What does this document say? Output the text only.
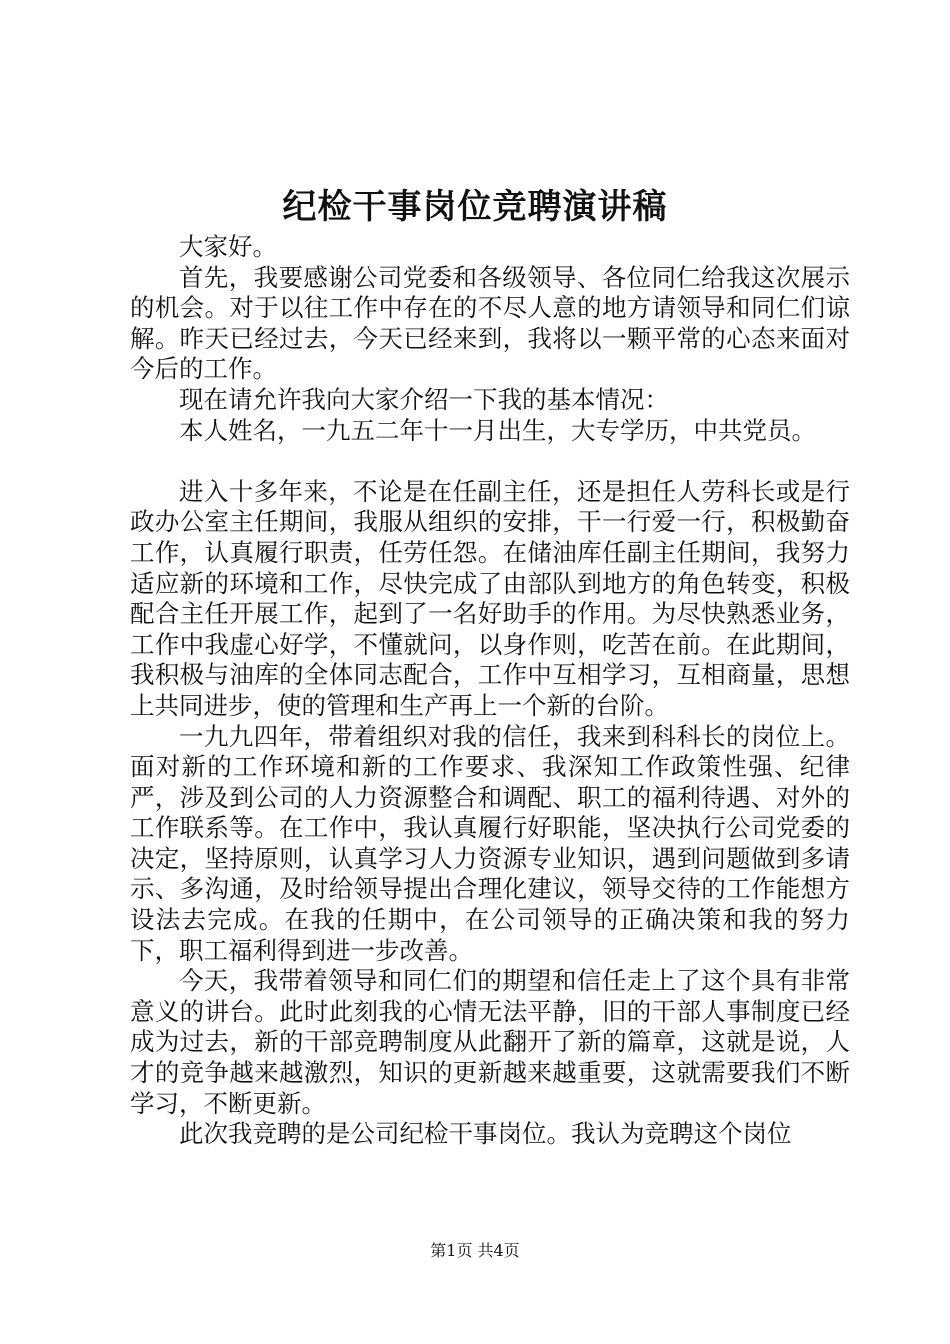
纪检干事岗位竞聘演讲稿

大家好。

首先，我要感谢公司党委和各级领导、各位同仁给我这次展示的机会。对于以往工作中存在的不尽人意的地方请领导和同仁们谅解。昨天已经过去，今天已经来到，我将以一颗平常的心态来面对今后的工作。

现在请允许我向大家介绍一下我的基本情况：

本人姓名，一九五二年十一月出生，大专学历，中共党员。

进入十多年来，不论是在任副主任，还是担任人劳科长或是行政办公室主任期间，我服从组织的安排，干一行爱一行，积极勤奋工作，认真履行职责，任劳任怨。在储油库任副主任期间，我努力适应新的环境和工作，尽快完成了由部队到地方的角色转变，积极配合主任开展工作，起到了一名好助手的作用。为尽快熟悉业务，工作中我虚心好学，不懂就问，以身作则，吃苦在前。在此期间，我积极与油库的全体同志配合，工作中互相学习，互相商量，思想上共同进步，使的管理和生产再上一个新的台阶。

一九九四年，带着组织对我的信任，我来到科科长的岗位上。面对新的工作环境和新的工作要求、我深知工作政策性强、纪律严，涉及到公司的人力资源整合和调配、职工的福利待遇、对外的工作联系等。在工作中，我认真履行好职能，坚决执行公司党委的决定，坚持原则，认真学习人力资源专业知识，遇到问题做到多请示、多沟通，及时给领导提出合理化建议，领导交待的工作能想方设法去完成。在我的任期中，在公司领导的正确决策和我的努力下，职工福利得到进一步改善。

今天，我带着领导和同仁们的期望和信任走上了这个具有非常意义的讲台。此时此刻我的心情无法平静，旧的干部人事制度已经成为过去，新的干部竞聘制度从此翻开了新的篇章，这就是说，人才的竞争越来越激烈，知识的更新越来越重要，这就需要我们不断学习，不断更新。

此次我竞聘的是公司纪检干事岗位。我认为竞聘这个岗位

第1页 共4页
